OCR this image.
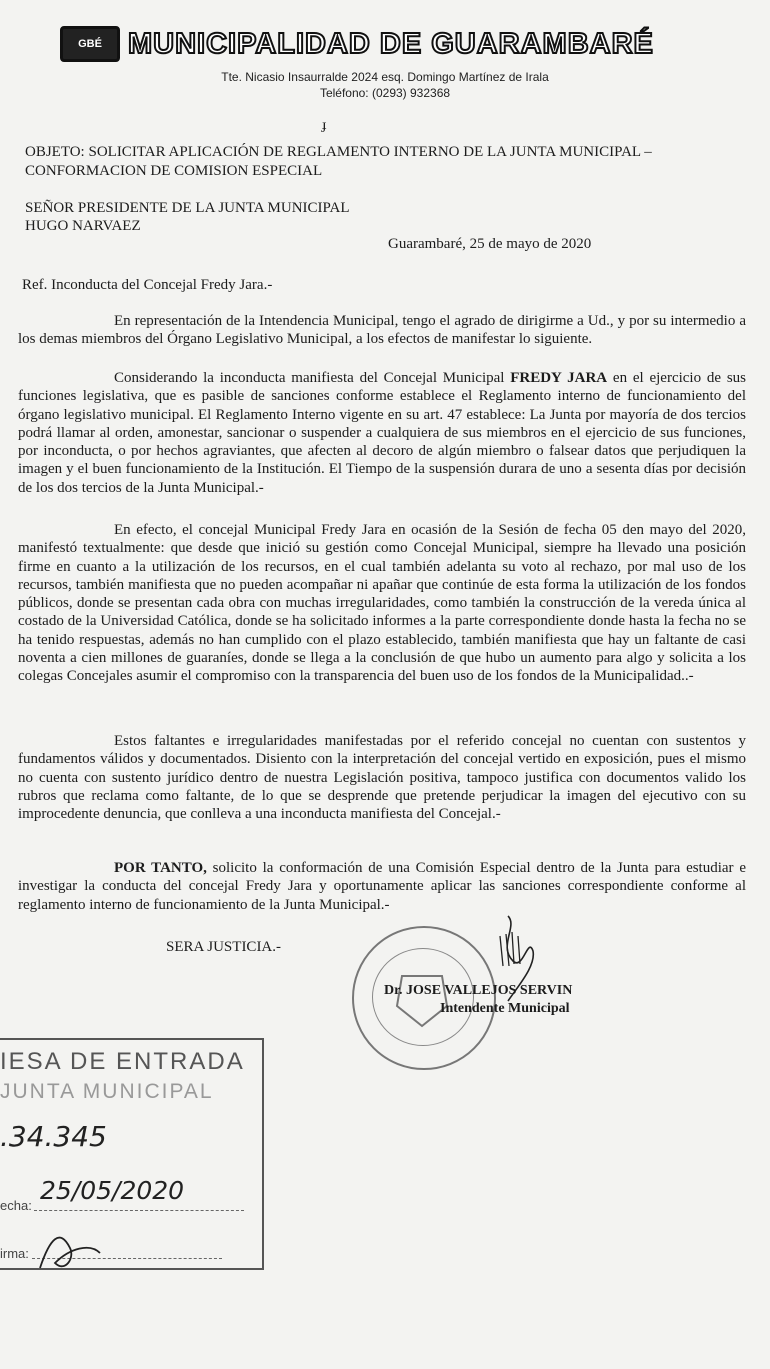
GBÉ MUNICIPALIDAD DE GUARAMBARÉ
Tte. Nicasio Insaurralde 2024 esq. Domingo Martínez de Irala
Teléfono: (0293) 932368
ɟ
OBJETO: SOLICITAR APLICACIÓN DE REGLAMENTO INTERNO DE LA JUNTA MUNICIPAL –
CONFORMACION DE COMISION ESPECIAL
SEÑOR PRESIDENTE DE LA JUNTA MUNICIPAL
HUGO NARVAEZ
Guarambaré, 25 de mayo de 2020
Ref. Inconducta del Concejal Fredy Jara.-
En representación de la Intendencia Municipal, tengo el agrado de dirigirme a Ud., y por su intermedio a los demas miembros del Órgano Legislativo Municipal, a los efectos de manifestar lo siguiente.
Considerando la inconducta manifiesta del Concejal Municipal FREDY JARA en el ejercicio de sus funciones legislativa, que es pasible de sanciones conforme establece el Reglamento interno de funcionamiento del órgano legislativo municipal. El Reglamento Interno vigente en su art. 47 establece: La Junta por mayoría de dos tercios podrá llamar al orden, amonestar, sancionar o suspender a cualquiera de sus miembros en el ejercicio de sus funciones, por inconducta, o por hechos agraviantes, que afecten al decoro de algún miembro o falsear datos que perjudiquen la imagen y el buen funcionamiento de la Institución. El Tiempo de la suspensión durara de uno a sesenta días por decisión de los dos tercios de la Junta Municipal.-
En efecto, el concejal Municipal Fredy Jara en ocasión de la Sesión de fecha 05 den mayo del 2020, manifestó textualmente: que desde que inició su gestión como Concejal Municipal, siempre ha llevado una posición firme en cuanto a la utilización de los recursos, en el cual también adelanta su voto al rechazo, por mal uso de los recursos, también manifiesta que no pueden acompañar ni apañar que continúe de esta forma la utilización de los fondos públicos, donde se presentan cada obra con muchas irregularidades, como también la construcción de la vereda única al costado de la Universidad Católica, donde se ha solicitado informes a la parte correspondiente donde hasta la fecha no se ha tenido respuestas, además no han cumplido con el plazo establecido, también manifiesta que hay un faltante de casi noventa a cien millones de guaraníes, donde se llega a la conclusión de que hubo un aumento para algo y solicita a los colegas Concejales asumir el compromiso con la transparencia del buen uso de los fondos de la Municipalidad..-
Estos faltantes e irregularidades manifestadas por el referido concejal no cuentan con sustentos y fundamentos válidos y documentados. Disiento con la interpretación del concejal vertido en exposición, pues el mismo no cuenta con sustento jurídico dentro de nuestra Legislación positiva, tampoco justifica con documentos valido los rubros que reclama como faltante, de lo que se desprende que pretende perjudicar la imagen del ejecutivo con su improcedente denuncia, que conlleva a una inconducta manifiesta del Concejal.-
POR TANTO, solicito la conformación de una Comisión Especial dentro de la Junta para estudiar e investigar la conducta del concejal Fredy Jara y oportunamente aplicar las sanciones correspondiente conforme al reglamento interno de funcionamiento de la Junta Municipal.-
SERA JUSTICIA.-
Dr. JOSE VALLEJOS SERVIN
Intendente Municipal
IESA DE ENTRADA
JUNTA MUNICIPAL
.34.345
echa:
25/05/2020
irma:
